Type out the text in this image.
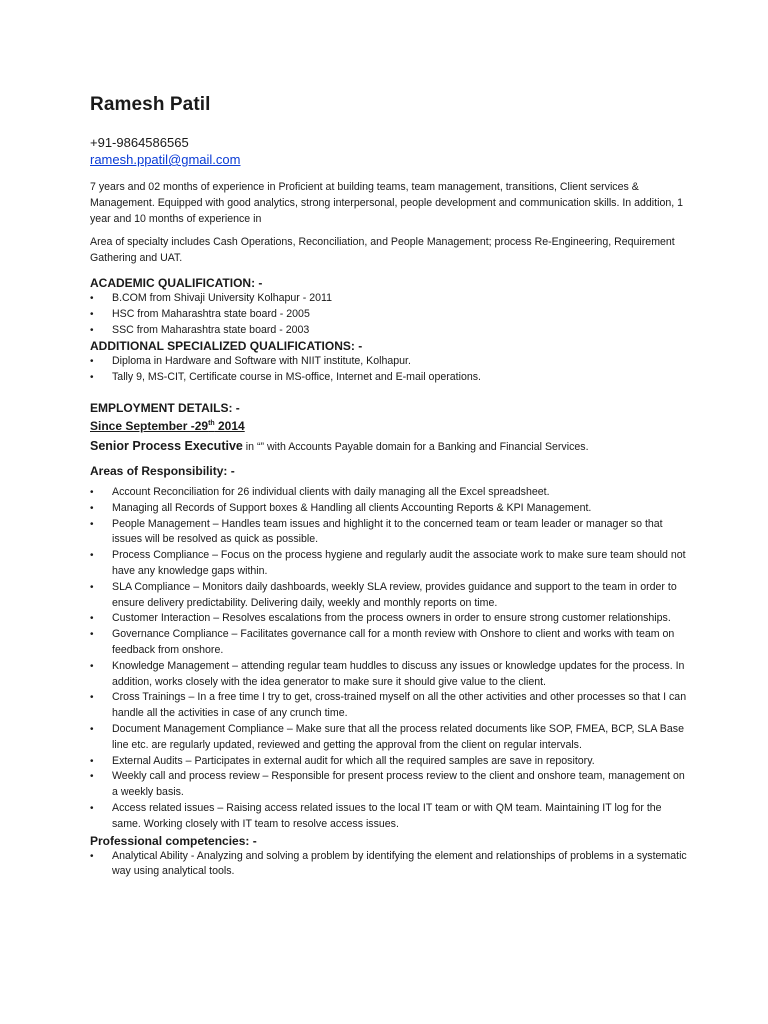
Ramesh Patil
+91-9864586565
ramesh.ppatil@gmail.com

7 years and 02 months of experience in Proficient at building teams, team management, transitions, Client services & Management. Equipped with good analytics, strong interpersonal, people development and communication skills. In addition, 1 year and 10 months of experience in

Area of specialty includes Cash Operations, Reconciliation, and People Management; process Re-Engineering, Requirement Gathering and UAT.

ACADEMIC QUALIFICATION: -
• B.COM from Shivaji University Kolhapur - 2011
• HSC from Maharashtra state board - 2005
• SSC from Maharashtra state board - 2003
ADDITIONAL SPECIALIZED QUALIFICATIONS: -
• Diploma in Hardware and Software with NIIT institute, Kolhapur.
• Tally 9, MS-CIT, Certificate course in MS-office, Internet and E-mail operations.
EMPLOYMENT DETAILS: -
Since September -29th 2014
Senior Process Executive in “” with Accounts Payable domain for a Banking and Financial Services.
Areas of Responsibility: -
• Account Reconciliation for 26 individual clients with daily managing all the Excel spreadsheet.
• Managing all Records of Support boxes & Handling all clients Accounting Reports & KPI Management.
• People Management – Handles team issues and highlight it to the concerned team or team leader or manager so that issues will be resolved as quick as possible.
• Process Compliance – Focus on the process hygiene and regularly audit the associate work to make sure team should not have any knowledge gaps within.
• SLA Compliance – Monitors daily dashboards, weekly SLA review, provides guidance and support to the team in order to ensure delivery predictability. Delivering daily, weekly and monthly reports on time.
• Customer Interaction – Resolves escalations from the process owners in order to ensure strong customer relationships.
• Governance Compliance – Facilitates governance call for a month review with Onshore to client and works with team on feedback from onshore.
• Knowledge Management – attending regular team huddles to discuss any issues or knowledge updates for the process. In addition, works closely with the idea generator to make sure it should give value to the client.
• Cross Trainings – In a free time I try to get, cross-trained myself on all the other activities and other processes so that I can handle all the activities in case of any crunch time.
• Document Management Compliance – Make sure that all the process related documents like SOP, FMEA, BCP, SLA Base line etc. are regularly updated, reviewed and getting the approval from the client on regular intervals.
• External Audits – Participates in external audit for which all the required samples are save in repository.
• Weekly call and process review – Responsible for present process review to the client and onshore team, management on a weekly basis.
• Access related issues – Raising access related issues to the local IT team or with QM team. Maintaining IT log for the same. Working closely with IT team to resolve access issues.
Professional competencies: -
• Analytical Ability - Analyzing and solving a problem by identifying the element and relationships of problems in a systematic way using analytical tools.
